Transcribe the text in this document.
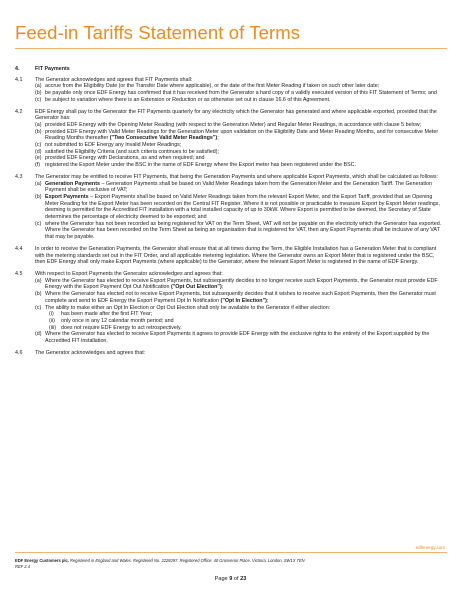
Feed-in Tariffs Statement of Terms
4.	FIT Payments
4.1	The Generator acknowledges and agrees that FIT Payments shall:
(a) accrue from the Eligibility Date (or the Transfer Date where applicable), or the date of the first Meter Reading if taken on such other later date;
(b) be payable only once EDF Energy has confirmed that it has received from the Generator a hard copy of a validly executed version of this FIT Statement of Terms; and
(c) be subject to variation where there is an Extension or Reduction or as otherwise set out in clause 16.6 of this Agreement.
4.2	EDF Energy shall pay to the Generator the FIT Payments quarterly for any electricity which the Generator has generated and where applicable exported, provided that the Generator has:
(a) provided EDF Energy with the Opening Meter Reading (with respect to the Generation Meter) and Regular Meter Readings, in accordance with clause 5 below;
(b) provided EDF Energy with Valid Meter Readings for the Generation Meter upon validation on the Eligibility Date and Meter Reading Months, and for consecutive Meter Reading Months thereafter ("Two Consecutive Valid Meter Readings");
(c) not submitted to EDF Energy any Invalid Meter Readings;
(d) satisfied the Eligibility Criteria (and such criteria continues to be satisfied);
(e) provided EDF Energy with Declarations, as and when required; and
(f) registered the Export Meter under the BSC in the name of EDF Energy where the Export meter has been registered under the BSC.
4.3	The Generator may be entitled to receive FIT Payments, that being the Generation Payments and where applicable Export Payments, which shall be calculated as follows:
(a) Generation Payments – Generation Payments shall be based on Valid Meter Readings taken from the Generation Meter and the Generation Tariff. The Generation Payment shall be exclusive of VAT;
(b) Export Payments – Export Payments shall be based on Valid Meter Readings taken from the relevant Export Meter, and the Export Tariff, provided that an Opening Meter Reading for the Export Meter has been recorded on the Central FIT Register. Where it is not possible or practicable to measure Export by Export Meter readings, deeming is permitted for the Accredited FIT installation with a total installed capacity of up to 30kW. Where Export is permitted to be deemed, the Secretary of State determines the percentage of electricity deemed to be exported; and
(c) where the Generator has not been recorded as being registered for VAT on the Term Sheet, VAT will not be payable on the electricity which the Generator has exported. Where the Generator has been recorded on the Term Sheet as being an organisation that is registered for VAT, then any Export Payments shall be inclusive of any VAT that may be payable.
4.4	In order to receive the Generation Payments, the Generator shall ensure that at all times during the Term, the Eligible Installation has a Generation Meter that is compliant with the metering standards set out in the FIT Order, and all applicable metering legislation. Where the Generator owns an Export Meter that is registered under the BSC, then EDF Energy shall only make Export Payments (where applicable) to the Generator, where the relevant Export Meter is registered in the name of EDF Energy.
4.5	With respect to Export Payments the Generator acknowledges and agrees that:
(a) Where the Generator has elected to receive Export Payments, but subsequently decides to no longer receive such Export Payments, the Generator must provide EDF Energy with the Export Payment Opt Out Notification ("Opt Out Election");
(b) Where the Generator has elected not to receive Export Payments, but subsequently decides that it wishes to receive such Export Payments, then the Generator must complete and send to EDF Energy the Export Payment Opt In Notification ("Opt In Election");
(c) The ability to make either an Opt In Election or Opt Out Election shall only be available to the Generator if either election:
(i)	has been made after the first FIT Year;
(ii)	only once in any 12 calendar month period; and
(iii) does not require EDF Energy to act retrospectively.
(d) Where the Generator has elected to receive Export Payments it agrees to provide EDF Energy with the exclusive rights to the entirety of the Export supplied by the Accredited FIT installation.
4.6	The Generator acknowledges and agrees that:
edfenergy.com
EDF Energy Customers plc. Registered in England and Wales. Registered No. 2228297. Registered Office: 40 Grosvenor Place, Victoria, London, SW1X 7EN
REF 2.4
Page 9 of 23
